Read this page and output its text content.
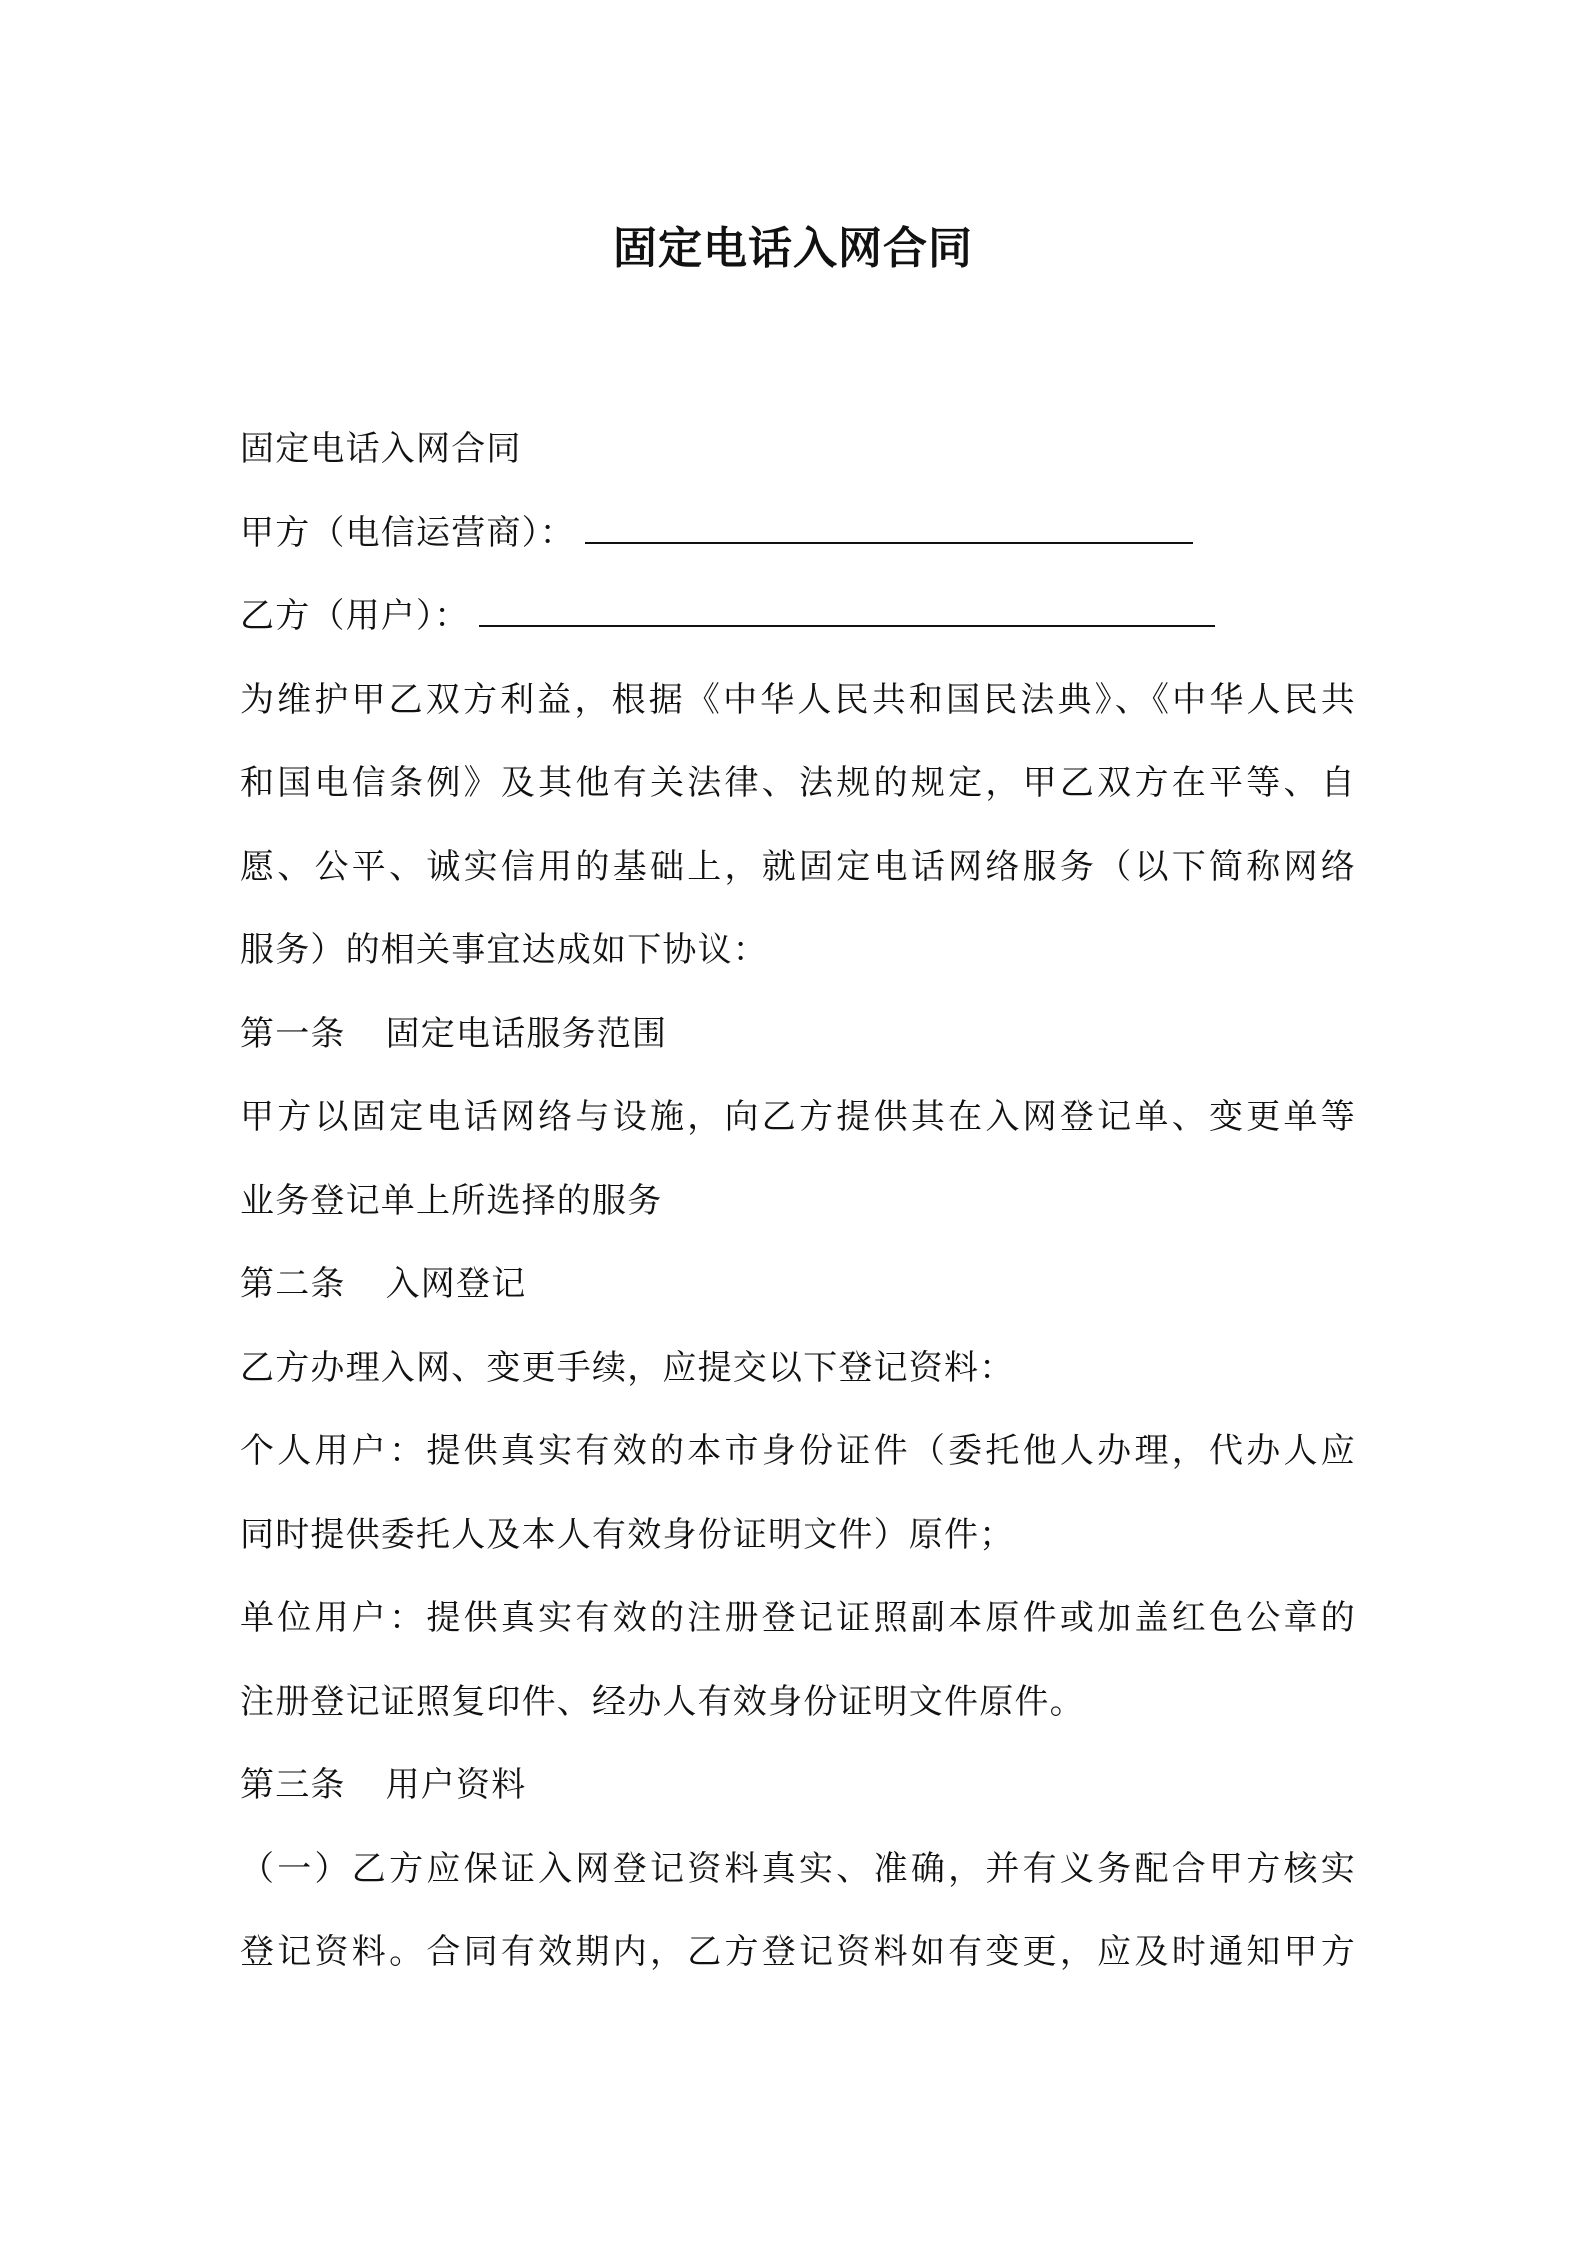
固定电话入网合同
固定电话入网合同
甲方（电信运营商）：
乙方（用户）：
为维护甲乙双方利益，根据《中华人民共和国民法典》、《中华人民共
和国电信条例》及其他有关法律、法规的规定，甲乙双方在平等、自
愿、公平、诚实信用的基础上，就固定电话网络服务（以下简称网络
服务）的相关事宜达成如下协议：
第一条 固定电话服务范围
甲方以固定电话网络与设施，向乙方提供其在入网登记单、变更单等
业务登记单上所选择的服务
第二条 入网登记
乙方办理入网、变更手续，应提交以下登记资料：
个人用户：提供真实有效的本市身份证件（委托他人办理，代办人应
同时提供委托人及本人有效身份证明文件）原件；
单位用户：提供真实有效的注册登记证照副本原件或加盖红色公章的
注册登记证照复印件、经办人有效身份证明文件原件。
第三条 用户资料
（一）乙方应保证入网登记资料真实、准确，并有义务配合甲方核实
登记资料。合同有效期内，乙方登记资料如有变更，应及时通知甲方
